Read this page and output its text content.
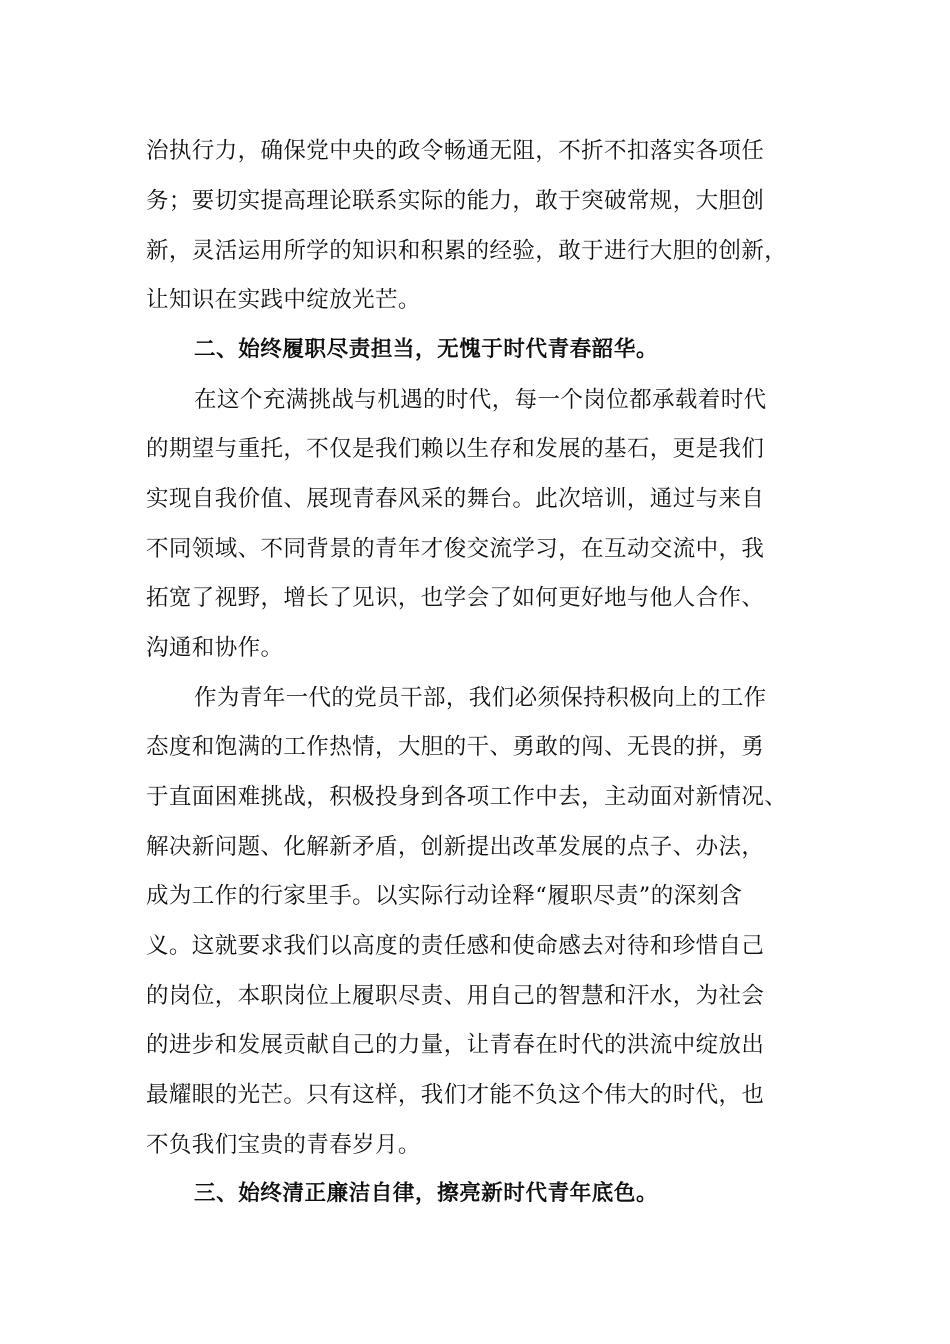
治执行力，确保党中央的政令畅通无阻，不折不扣落实各项任
务；要切实提高理论联系实际的能力，敢于突破常规，大胆创
新，灵活运用所学的知识和积累的经验，敢于进行大胆的创新，
让知识在实践中绽放光芒。
二、始终履职尽责担当，无愧于时代青春韶华。
在这个充满挑战与机遇的时代，每一个岗位都承载着时代
的期望与重托，不仅是我们赖以生存和发展的基石，更是我们
实现自我价值、展现青春风采的舞台。此次培训，通过与来自
不同领域、不同背景的青年才俊交流学习，在互动交流中，我
拓宽了视野，增长了见识，也学会了如何更好地与他人合作、
沟通和协作。
作为青年一代的党员干部，我们必须保持积极向上的工作
态度和饱满的工作热情，大胆的干、勇敢的闯、无畏的拼，勇
于直面困难挑战，积极投身到各项工作中去，主动面对新情况、
解决新问题、化解新矛盾，创新提出改革发展的点子、办法，
成为工作的行家里手。以实际行动诠释“履职尽责”的深刻含
义。这就要求我们以高度的责任感和使命感去对待和珍惜自己
的岗位，本职岗位上履职尽责、用自己的智慧和汗水，为社会
的进步和发展贡献自己的力量，让青春在时代的洪流中绽放出
最耀眼的光芒。只有这样，我们才能不负这个伟大的时代，也
不负我们宝贵的青春岁月。
三、始终清正廉洁自律，擦亮新时代青年底色。
